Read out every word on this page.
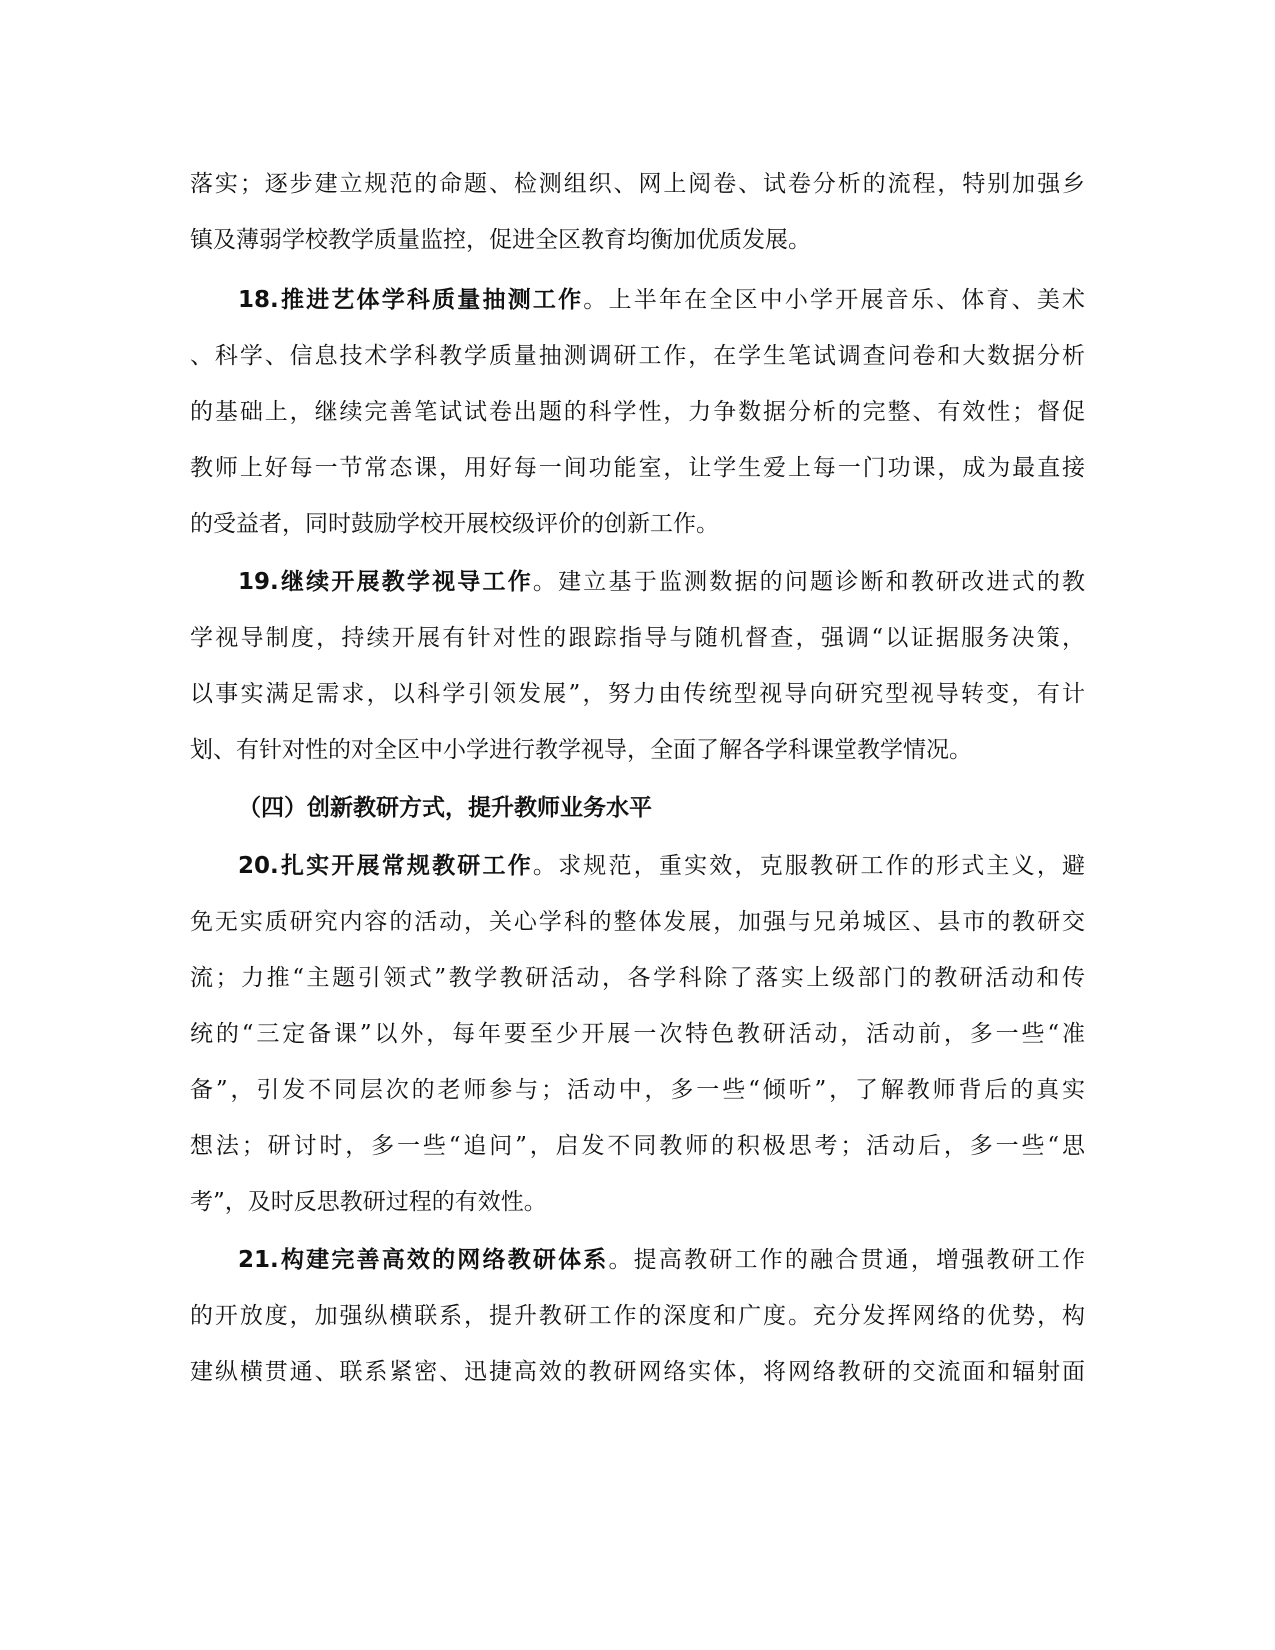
落实；逐步建立规范的命题、检测组织、网上阅卷、试卷分析的流程，特别加强乡
镇及薄弱学校教学质量监控，促进全区教育均衡加优质发展。
18.推进艺体学科质量抽测工作。上半年在全区中小学开展音乐、体育、美术
、科学、信息技术学科教学质量抽测调研工作，在学生笔试调查问卷和大数据分析
的基础上，继续完善笔试试卷出题的科学性，力争数据分析的完整、有效性；督促
教师上好每一节常态课，用好每一间功能室，让学生爱上每一门功课，成为最直接
的受益者，同时鼓励学校开展校级评价的创新工作。
19.继续开展教学视导工作。建立基于监测数据的问题诊断和教研改进式的教
学视导制度，持续开展有针对性的跟踪指导与随机督查，强调“以证据服务决策，
以事实满足需求，以科学引领发展”，努力由传统型视导向研究型视导转变，有计
划、有针对性的对全区中小学进行教学视导，全面了解各学科课堂教学情况。
（四）创新教研方式，提升教师业务水平
20.扎实开展常规教研工作。求规范，重实效，克服教研工作的形式主义，避
免无实质研究内容的活动，关心学科的整体发展，加强与兄弟城区、县市的教研交
流；力推“主题引领式”教学教研活动，各学科除了落实上级部门的教研活动和传
统的“三定备课”以外，每年要至少开展一次特色教研活动，活动前，多一些“准
备”，引发不同层次的老师参与；活动中，多一些“倾听”，了解教师背后的真实
想法；研讨时，多一些“追问”，启发不同教师的积极思考；活动后，多一些“思
考”，及时反思教研过程的有效性。
21.构建完善高效的网络教研体系。提高教研工作的融合贯通，增强教研工作
的开放度，加强纵横联系，提升教研工作的深度和广度。充分发挥网络的优势，构
建纵横贯通、联系紧密、迅捷高效的教研网络实体，将网络教研的交流面和辐射面
